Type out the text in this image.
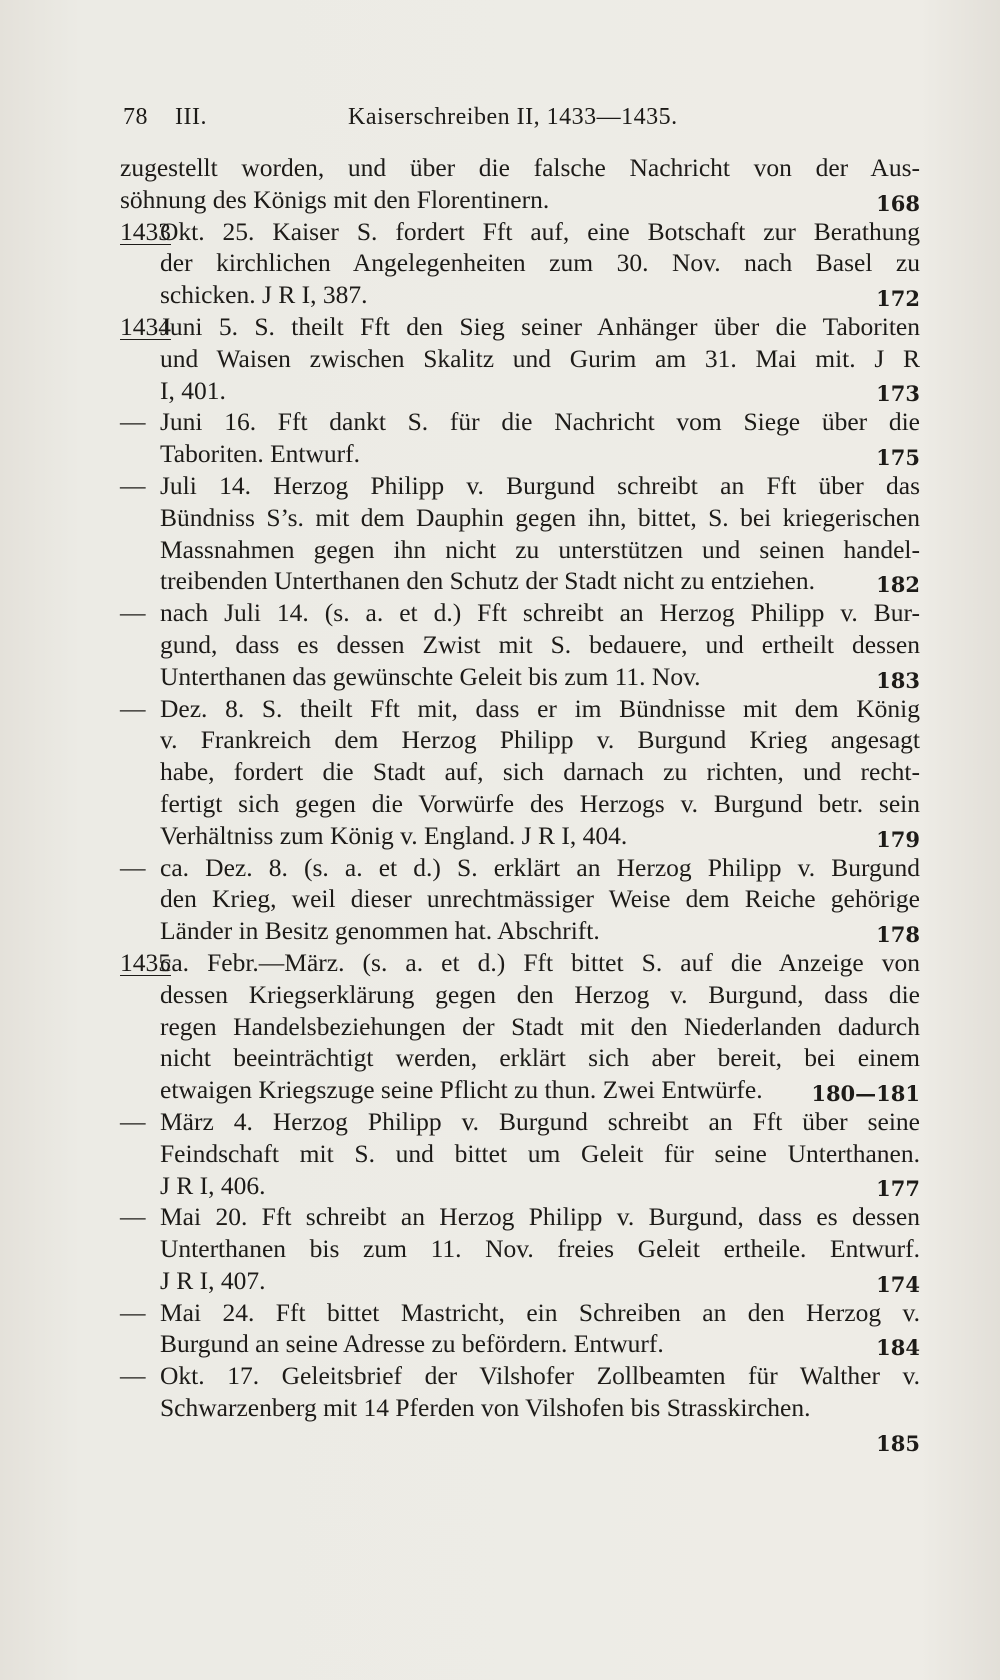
78 III.	Kaiserschreiben II, 1433—1435.
zugestellt worden, und über die falsche Nachricht von der Aus-
söhnung des Königs mit den Florentinern.	168
1433
Okt. 25. Kaiser S. fordert Fft auf, eine Botschaft zur Berathung
der kirchlichen Angelegenheiten zum 30. Nov. nach Basel zu
schicken. J R I, 387.	172
1434
Juni 5. S. theilt Fft den Sieg seiner Anhänger über die Taboriten
und Waisen zwischen Skalitz und Gurim am 31. Mai mit. J R
I, 401.	173
— Juni 16. Fft dankt S. für die Nachricht vom Siege über die
Taboriten. Entwurf.	175
— Juli 14. Herzog Philipp v. Burgund schreibt an Fft über das
Bündniss S’s. mit dem Dauphin gegen ihn, bittet, S. bei kriegerischen
Massnahmen gegen ihn nicht zu unterstützen und seinen handel-
treibenden Unterthanen den Schutz der Stadt nicht zu entziehen.	182
— nach Juli 14. (s. a. et d.) Fft schreibt an Herzog Philipp v. Bur-
gund, dass es dessen Zwist mit S. bedauere, und ertheilt dessen
Unterthanen das gewünschte Geleit bis zum 11. Nov.	183
— Dez. 8. S. theilt Fft mit, dass er im Bündnisse mit dem König
v. Frankreich dem Herzog Philipp v. Burgund Krieg angesagt
habe, fordert die Stadt auf, sich darnach zu richten, und recht-
fertigt sich gegen die Vorwürfe des Herzogs v. Burgund betr. sein
Verhältniss zum König v. England. J R I, 404.	179
— ca. Dez. 8. (s. a. et d.) S. erklärt an Herzog Philipp v. Burgund
den Krieg, weil dieser unrechtmässiger Weise dem Reiche gehörige
Länder in Besitz genommen hat. Abschrift.	178
1435
ca. Febr.—März. (s. a. et d.) Fft bittet S. auf die Anzeige von
dessen Kriegserklärung gegen den Herzog v. Burgund, dass die
regen Handelsbeziehungen der Stadt mit den Niederlanden dadurch
nicht beeinträchtigt werden, erklärt sich aber bereit, bei einem
etwaigen Kriegszuge seine Pflicht zu thun. Zwei Entwürfe.	180—181
— März 4. Herzog Philipp v. Burgund schreibt an Fft über seine
Feindschaft mit S. und bittet um Geleit für seine Unterthanen.
J R I, 406.	177
— Mai 20. Fft schreibt an Herzog Philipp v. Burgund, dass es dessen
Unterthanen bis zum 11. Nov. freies Geleit ertheile. Entwurf.
J R I, 407.	174
— Mai 24. Fft bittet Mastricht, ein Schreiben an den Herzog v.
Burgund an seine Adresse zu befördern. Entwurf.	184
— Okt. 17. Geleitsbrief der Vilshofer Zollbeamten für Walther v.
Schwarzenberg mit 14 Pferden von Vilshofen bis Strasskirchen.
185
